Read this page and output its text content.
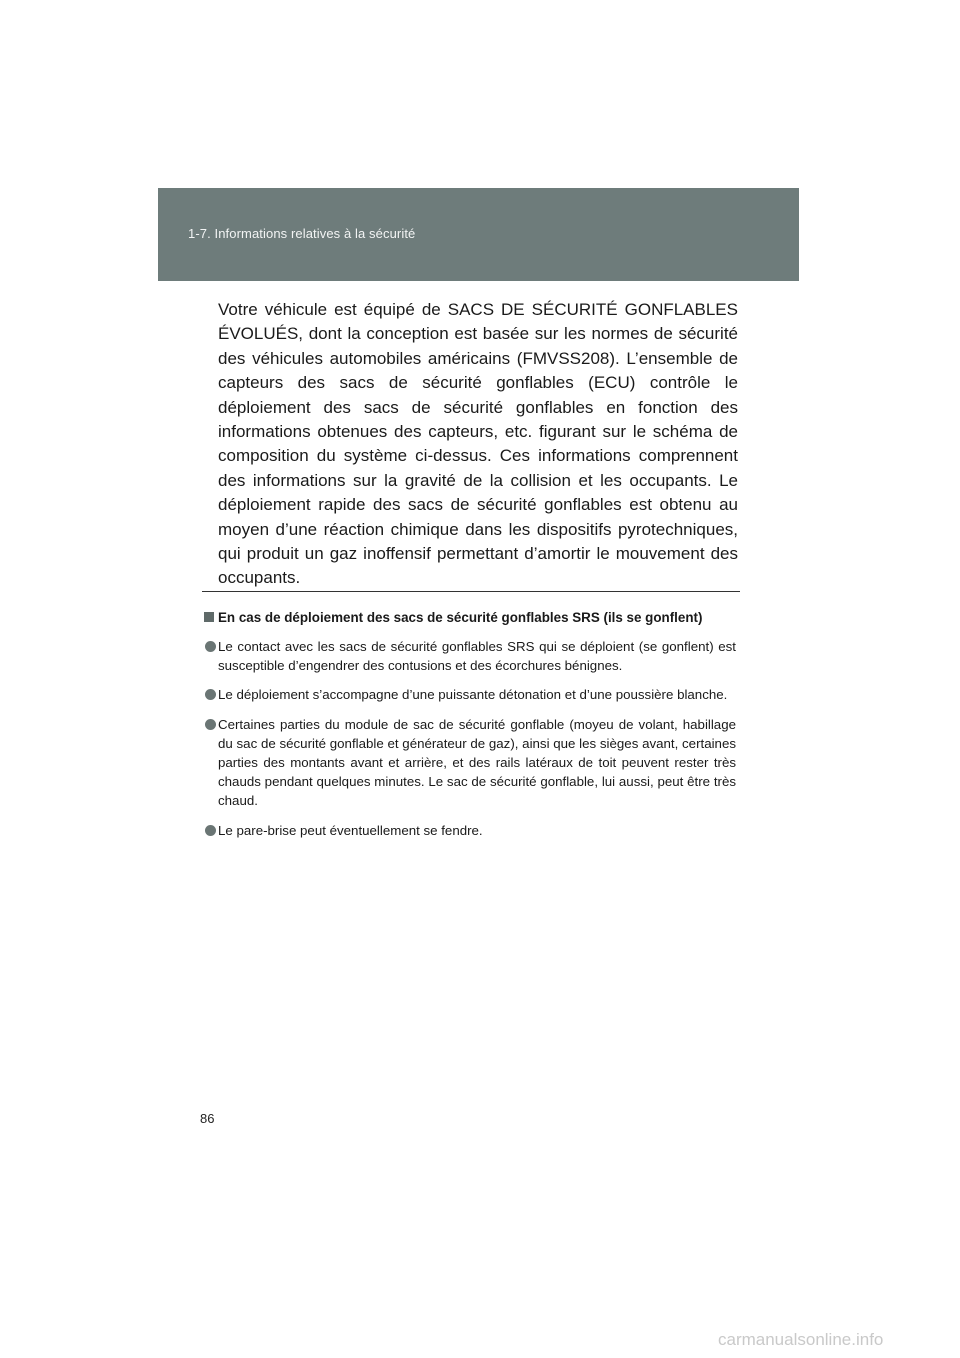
1-7. Informations relatives à la sécurité

Votre véhicule est équipé de SACS DE SÉCURITÉ GONFLABLES ÉVOLUÉS, dont la conception est basée sur les normes de sécurité des véhicules automobiles américains (FMVSS208). L’ensemble de capteurs des sacs de sécurité gonflables (ECU) contrôle le déploiement des sacs de sécurité gonflables en fonction des informations obtenues des capteurs, etc. figurant sur le schéma de composition du système ci-dessus. Ces informations comprennent des informations sur la gravité de la collision et les occupants. Le déploiement rapide des sacs de sécurité gonflables est obtenu au moyen d’une réaction chimique dans les dispositifs pyrotechniques, qui produit un gaz inoffensif permettant d’amortir le mouvement des occupants.

En cas de déploiement des sacs de sécurité gonflables SRS (ils se gonflent)
Le contact avec les sacs de sécurité gonflables SRS qui se déploient (se gonflent) est susceptible d’engendrer des contusions et des écorchures bénignes.
Le déploiement s’accompagne d’une puissante détonation et d’une poussière blanche.
Certaines parties du module de sac de sécurité gonflable (moyeu de volant, habillage du sac de sécurité gonflable et générateur de gaz), ainsi que les sièges avant, certaines parties des montants avant et arrière, et des rails latéraux de toit peuvent rester très chauds pendant quelques minutes. Le sac de sécurité gonflable, lui aussi, peut être très chaud.
Le pare-brise peut éventuellement se fendre.
86
carmanualsonline.info
